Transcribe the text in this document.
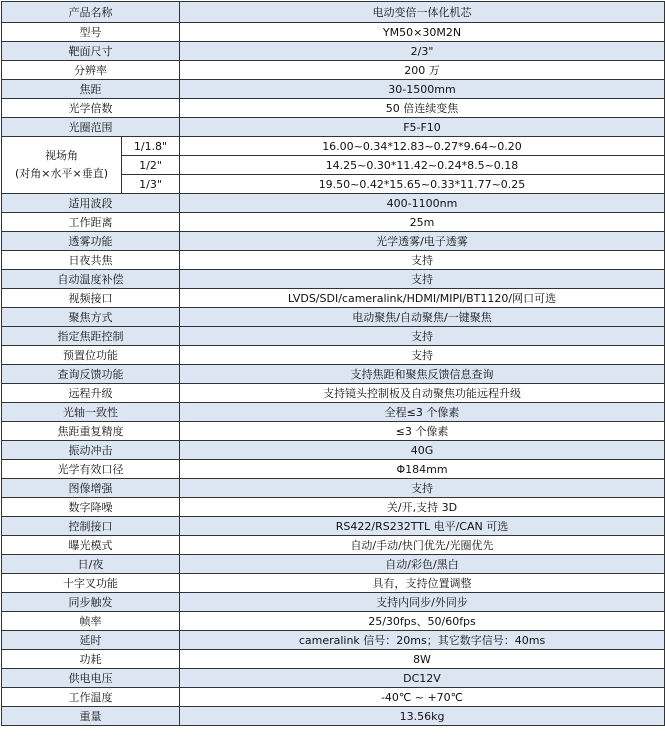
产品名称		电动变倍一体化机芯
型号		YM50×30M2N
靶面尺寸		2/3"
分辨率		200 万
焦距		30-1500mm
光学倍数		50 倍连续变焦
光圈范围		F5-F10

视场角
(对角×水平×垂直)	1/1.8"	16.00~0.34*12.83~0.27*9.64~0.20
	1/2"	14.25~0.30*11.42~0.24*8.5~0.18
	1/3"	19.50~0.42*15.65~0.33*11.77~0.25
适用波段		400-1100nm
工作距离		25m
透雾功能		光学透雾/电子透雾
日夜共焦		支持
自动温度补偿		支持
视频接口		LVDS/SDI/cameralink/HDMI/MIPI/BT1120/网口可选
聚焦方式		电动聚焦/自动聚焦/一键聚焦
指定焦距控制		支持
预置位功能		支持
查询反馈功能		支持焦距和聚焦反馈信息查询
远程升级		支持镜头控制板及自动聚焦功能远程升级
光轴一致性		全程≤3 个像素
焦距重复精度		≤3 个像素
振动冲击		40G
光学有效口径		Φ184mm
图像增强		支持
数字降噪		关/开,支持 3D
控制接口		RS422/RS232TTL 电平/CAN 可选
曝光模式		自动/手动/快门优先/光圈优先
日/夜		自动/彩色/黑白
十字叉功能		具有，支持位置调整
同步触发		支持内同步/外同步
帧率		25/30fps、50/60fps
延时		cameralink 信号：20ms；其它数字信号：40ms
功耗		8W
供电电压		DC12V
工作温度		-40℃ ~ +70℃
重量		13.56kg
